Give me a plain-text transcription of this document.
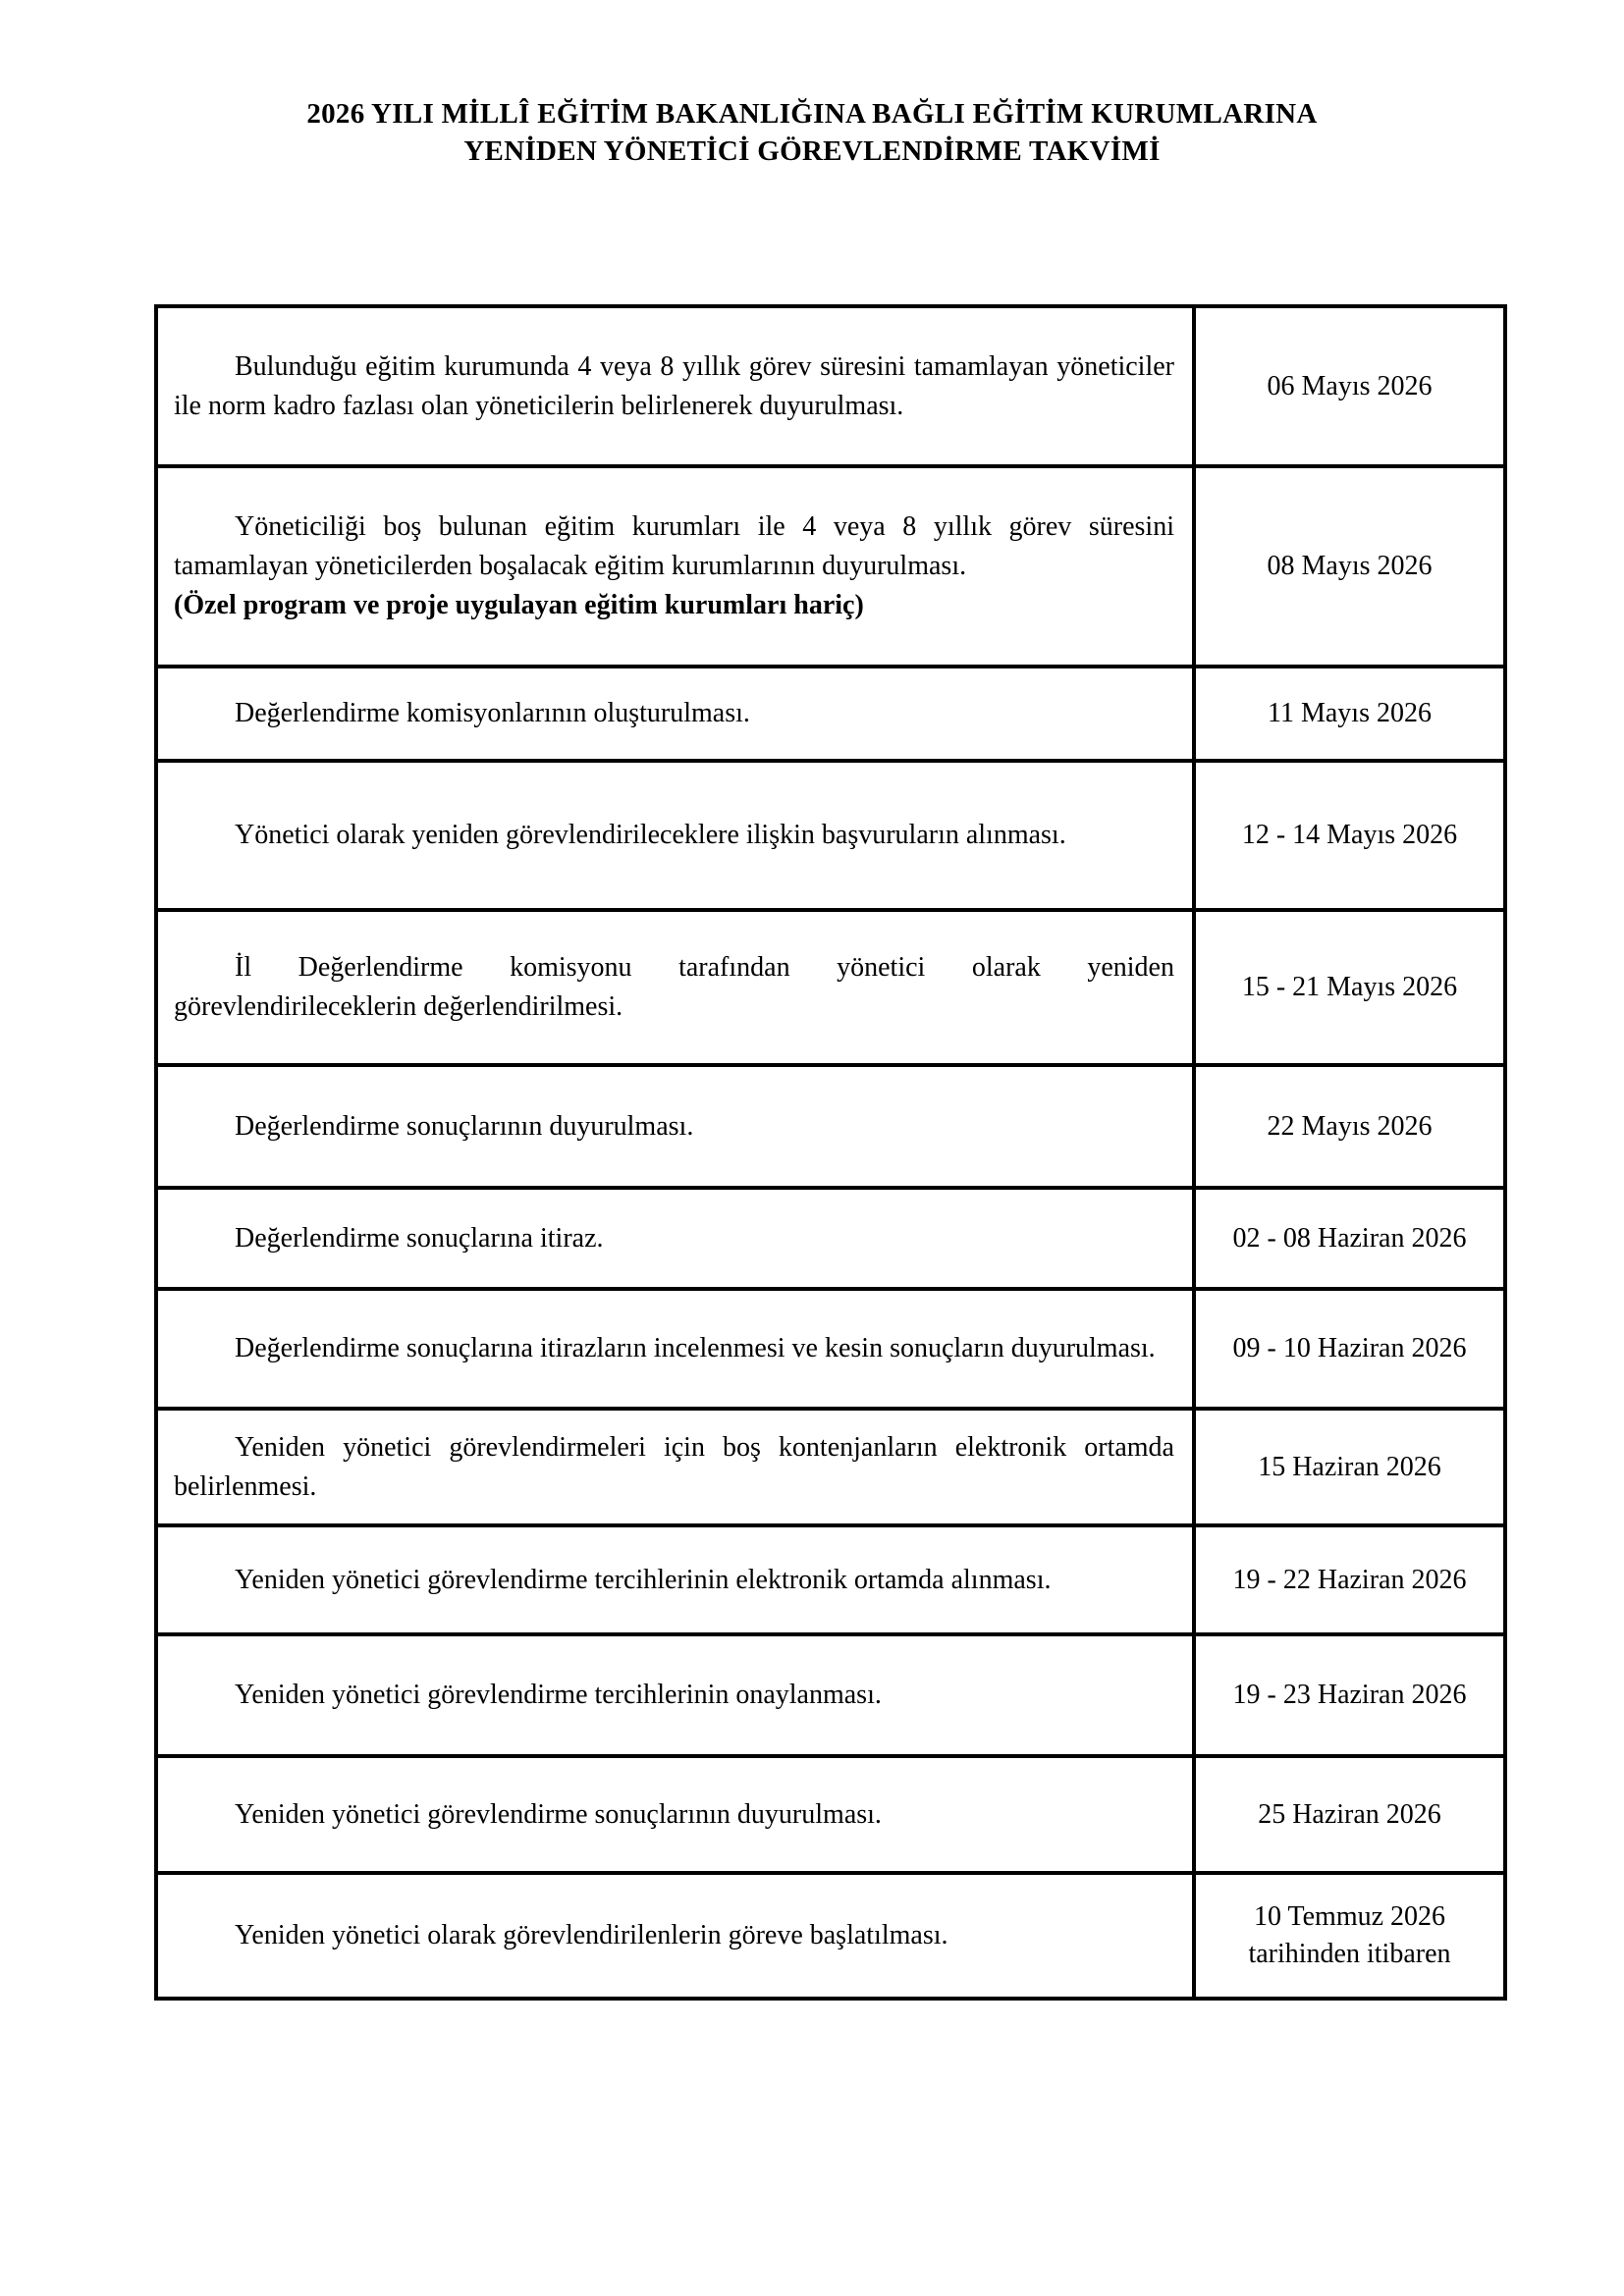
2026 YILI MİLLÎ EĞİTİM BAKANLIĞINA BAĞLI EĞİTİM KURUMLARINA
YENİDEN YÖNETİCİ GÖREVLENDİRME TAKVİMİ

Bulunduğu eğitim kurumunda 4 veya 8 yıllık görev süresini tamamlayan yöneticiler ile norm kadro fazlası olan yöneticilerin belirlenerek duyurulması.	06 Mayıs 2026

Yöneticiliği boş bulunan eğitim kurumları ile 4 veya 8 yıllık görev süresini tamamlayan yöneticilerden boşalacak eğitim kurumlarının duyurulması.

(Özel program ve proje uygulayan eğitim kurumları hariç)	08 Mayıs 2026

Değerlendirme komisyonlarının oluşturulması.	11 Mayıs 2026

Yönetici olarak yeniden görevlendirileceklere ilişkin başvuruların alınması.	12 - 14 Mayıs 2026

İl Değerlendirme komisyonu tarafından yönetici olarak yeniden görevlendirileceklerin değerlendirilmesi.	15 - 21 Mayıs 2026

Değerlendirme sonuçlarının duyurulması.	22 Mayıs 2026

Değerlendirme sonuçlarına itiraz.	02 - 08 Haziran 2026

Değerlendirme sonuçlarına itirazların incelenmesi ve kesin sonuçların duyurulması.	09 - 10 Haziran 2026

Yeniden yönetici görevlendirmeleri için boş kontenjanların elektronik ortamda belirlenmesi.	15 Haziran 2026

Yeniden yönetici görevlendirme tercihlerinin elektronik ortamda alınması.	19 - 22 Haziran 2026

Yeniden yönetici görevlendirme tercihlerinin onaylanması.	19 - 23 Haziran 2026

Yeniden yönetici görevlendirme sonuçlarının duyurulması.	25 Haziran 2026

Yeniden yönetici olarak görevlendirilenlerin göreve başlatılması.	10 Temmuz 2026
tarihinden itibaren
